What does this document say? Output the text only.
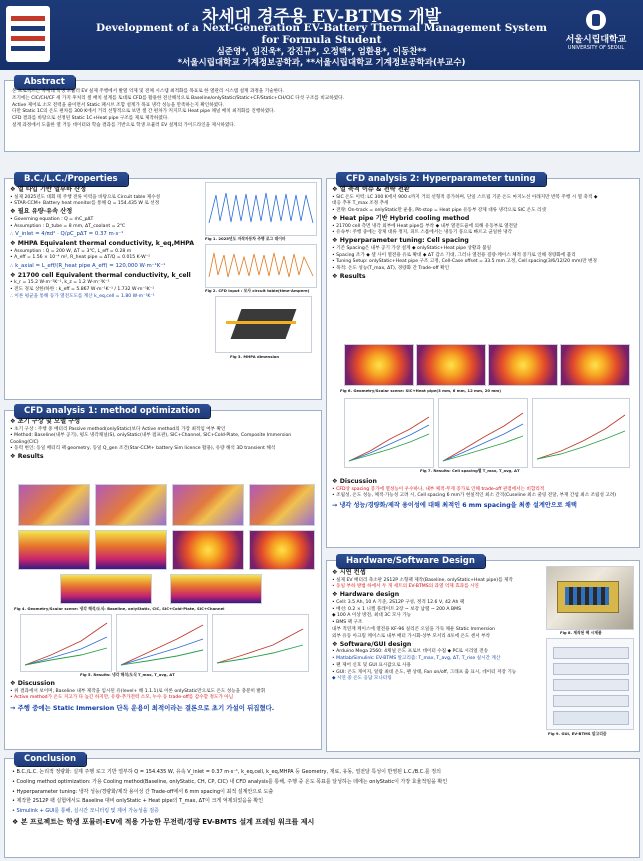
차세대 경주용 EV-BTMS 개발
Development of a Next-Generation EV-Battery Thermal Management System
for Formula Student
심준영*, 임진욱*, 강진규*, 오정택*, 엄환용*, 이동찬**
*서울시립대학교 기계정보공학과, **서울시립대학교 기계정보공학과(부교수)
서울시립대학교
UNIVERSITY OF SEOUL
Abstract

본 프로젝트는 차세대 학생 포뮬러 EV 실제 주행에서 발열 억제 및 전체 시스템 최적화를 목표로 한 열관리 시스템 설계 과정을 기술한다.

조기에는 CIC/CH/CF 세 가지 후처리 셀 배치 설계를 토대로 CFD를 활용한 전산해석으로 Baseline/onlyStatic/Static+CF/Static+CH/CIC 다섯 구조를 비교하였다.

Active 제어로 소모 전력을 줄이면서 Static 패시브 조합 설계가 목표 냉각 성능을 만족하는지 확인하였다.

다만 Static 1C의 온도 편차를 300 K에서 거리 선형적으로 보면 셀 간 편차가 커지므로 Heat pipe 채널 배치 최적화를 진행하였다.

CFD 결과를 바탕으로 선정된 Static 1C+Heat pipe 구조를 제로 제작하였다.

설계 과정에서 도출한 열 거동 데이터와 학습 결과를 기반으로 학생 포뮬러 EV 설계의 가이드라인을 제시하였다.

B.C./L.C./Properties

❖ 열 타입 기반 열부하 산정

• 실제 2025년도 대회 테 주행 전류 이력을 바탕으로 Circuit table 제수성

• STAR-CCM+ Battery heat monitor를 통해 Q = 154.435 W 로 선정

❖ 필요 유량·유속 산정

• Governing equation : Q = ṁC_pΔT

• Assumption : D_tube = 8 mm, ΔT_coolant = 2℃

∴ V_inlet = 4/πd² · Q/ρC_pΔT = 0.37 m·s⁻¹

❖ MHPA Equivalent thermal conductivity, k_eq,MHPA

• Assumption : Q = 200 W, ΔT = 3℃, L_eff = 0.28 m

• A_eff = 1.56 × 10⁻⁴ m², R_heat pipe = ΔT/Q = 0.015 K·W⁻¹

∴ k_axial = L_eff/(R_heat pipe A_eff) = 120,000 W·m⁻¹K⁻¹

❖ 21700 cell Equivalent thermal conductivity, k_cell

• k_r = 15.2 W·m⁻¹K⁻¹, k_z = 1.2 W·m⁻¹K⁻¹

• 전도 경로 상한/하한 : k_eff = 5.867 W·m⁻¹K⁻¹ / 1.732 W·m⁻¹K⁻¹

∴ 이론 평균을 통해 등가 열전도도를 계산 k_eq,cell = 1.80 W·m⁻¹K⁻¹

Fig 1. 2025년도 자작자동차 주행 로그 데이터
Fig 2. CFD input : 모사 circuit table(time-Ampere)
Fig 3. MHPA dimension
CFD analysis 1: method optimization

❖ 초기 구상 및 모델 구성

• 초기 구상 : 주행 중 배터리 Passive method(onlyStatic)보다 Active method의 가장 최적임 여부 확인

• Method: Baseline(내부 공기), 평도 냉각채널(S), onlyStatic(내부 펌프관), SIC+Channel, SIC+Cold-Plate, Composite Immersion Cooling(CIC)

• 동력 변인: 동일 배터리 팩 geometry, 동일 Q_gen 조건(Star-CCM+ battery Sim licence 활용), 유량 해석 3D transient 해석

❖ Results

Fig 4. Geometry/Scalar scene: 냉각 해석/도식: Baseline, onlyStatic, CIC, SIC+Cold-Plate, SIC+Channel
Fig 5. Results: 냉각 해석/도식 T_max, T_avg, ΔT

❖ Discussion

• 위 결과에서 보이며, Baseline 내부 제작을 임시된 유(level+ 해 1.1.1)로 이론 onlyStatic만으로도 온도 성능을 충분히 발휘

• Active method가 온도 지고가 다 높긴 하지만, 유량-추가전력 소모, 누수 등 trade-off를 감수할 정도가 아님

→ 주행 중에는 Static Immersion 단독 운용이 최적이라는 결론으로 초기 가설이 뒤집혔다.

CFD analysis 2: Hyperparameter tuning

❖ 열 축적 이슈 & 전략 전환

• SIC 온도 이력: LC 300 K에서 900 s까지 거의 선형적 증가하며, 단일 스트립 기준 온도 마지노선 아래지만 반복 주행 시 열 축적 ◆

대응 추후 T_max 조정 추세

• 전략: On-track = onlyStatic만 운용, Pit-stop = Heat pipe 유동부 강제 대류 냉각으로 SIC 온도 리셋

❖ Heat pipe 기반 Hybrid cooling method

• 21700 cell 측면 냉각 외부에 Heat pipe를 부착 ◆ 내부 열전도율에 의해 유동부로 열전달

• 유속부: 주행 중에는 강제 대류 정지, 피트 스톱에서는 냉동기 풍으로 빠르고 균일한 냉각

❖ Hyperparameter tuning: Cell spacing

• 기존 Spacing은 내부 공기 가상 설계 ◆ onlyStatic+Heat pipe 상황과 불일

• Spacing 조가 ◆ 셀 사이 열전용 유로 확대 ◆ ΔT 감소 기대, 그러나 열전용 질량·케이스 체적 증가로 인해 경량화에 불리

• Tuning Setup: onlyStatic+Heat pipe 구조 고정, Cell-Case offset = 33.5 mm 고정, Cell spacing(3/6/12/20 mm)만 변경

• 목적: 온도 성능(T_max, ΔT), 경량화 간 Trade-off 확인

❖ Results

Fig 6. Geometry/Scalar scene: SIC+Heat pipe(3 mm, 6 mm, 12 mm, 20 mm)
Fig 7. Results: Cell spacing별 T_max, T_avg, ΔT

❖ Discussion

• CFD상 spacing 증가에 열성능이 우수하나, 내부 체적·무게 증가로 인해 trade-off 관점에서는 비합리적

• 조립성, 온도 성능, 체적·가능성 고려 시, Cell spacing 6 mm가 현실적인 최소 간격(Cuseline 최소 쿨링 전달, 부재 간섭 최소 조립성 고려)

→ 냉각 성능/경량화/제작 용이성에 대해 최적인 6 mm spacing을 최종 설계안으로 채택

Hardware/Software Design

❖ 시연 컨셉

• 실제 EV 배터리 축소판 2S12P 소형팩 제작(Baseline, onlyStatic+Heat pipe)를 제작

• 동일 부하 방법 하에서 두 개 세트의 EV-BTMS의 과열 억제 효과를 시연

❖ Hardware design

• Cell: 3.5 Ah, 10 A 기준, 2S12P 구성, 정격 12.6 V, 42 Ah 팩

• 배선: 0.2 × 1 니켈 플레이트 2장 ~ 보강 납땜 ~ 200 A BMS

◆ 100 A 이상 방전, 최대 3C 모사 가능

• BMS 팩 구조

내부 적연재 케이스에 열전용 KF-96 실리콘 오일을 가득 채운 Static Immersion

외부 유동 아크릴 케이스로 내부 배터 가시화·상부 모서리 4포에 온도 센서 부착

❖ Software/GUI design

• Arduino Mega 2560: 4채널 온도 프로브 데이터 수집 ◆ PC로 시리얼 전송

• Matlab/Simulink: EV-BTMS 알고리즘: T_max, T_avg, ΔT, T_rise 실시간 계산

• 팬 제어 신호 및 GUI 표시값으로 사용

• GUI: 온도 게이지, 알람 최대 온도, 팬 상태, Fan on/off, 그래프 출 표시, 데이터 저장 기능

◆ 시연 중 온도 응답 모니터링

Fig 8. 제작된 팩 시제품
Fig 9. GUI, EV-BTMS 알고리즘
Conclusion

• B.C./L.C. 논리적 정량화: 실제 주행 로그 기반 열부하 Q = 154.435 W, 유속 V_inlet = 0.37 m·s⁻¹, k_eq,cell, k_eq,MHPA 등 Geometry, 재료, 유동, 열전달 특성이 반영된 L.C./B.C.를 정의

• Cooling method optimization: 가용 Cooling method(Baseline, onlyStatic, CH, CP, CIC) 내 CFD analysis를 통해, 주행 중 온도 목표를 달성하는 데에는 onlyStatic이 가장 효율적임을 확인

• Hyperparameter tuning: 냉각 성능/경량화/제작 용이성 간 Trade-off에서 6 mm spacing이 최적 설계안으로 도출

• 제작한 2S12P 팩 실험에서도 Baseline 대비 onlyStatic + Heat pipe의 T_max, ΔT이 크게 억제되었음을 확인

• Simulink + GUI를 통해, 실시간 모니터링 및 제어 가능성을 검증

❖ 본 프로젝트는 학생 포뮬러-EV에 적용 가능한 무전력/경량 EV-BMTS 설계 프레임 워크를 제시
